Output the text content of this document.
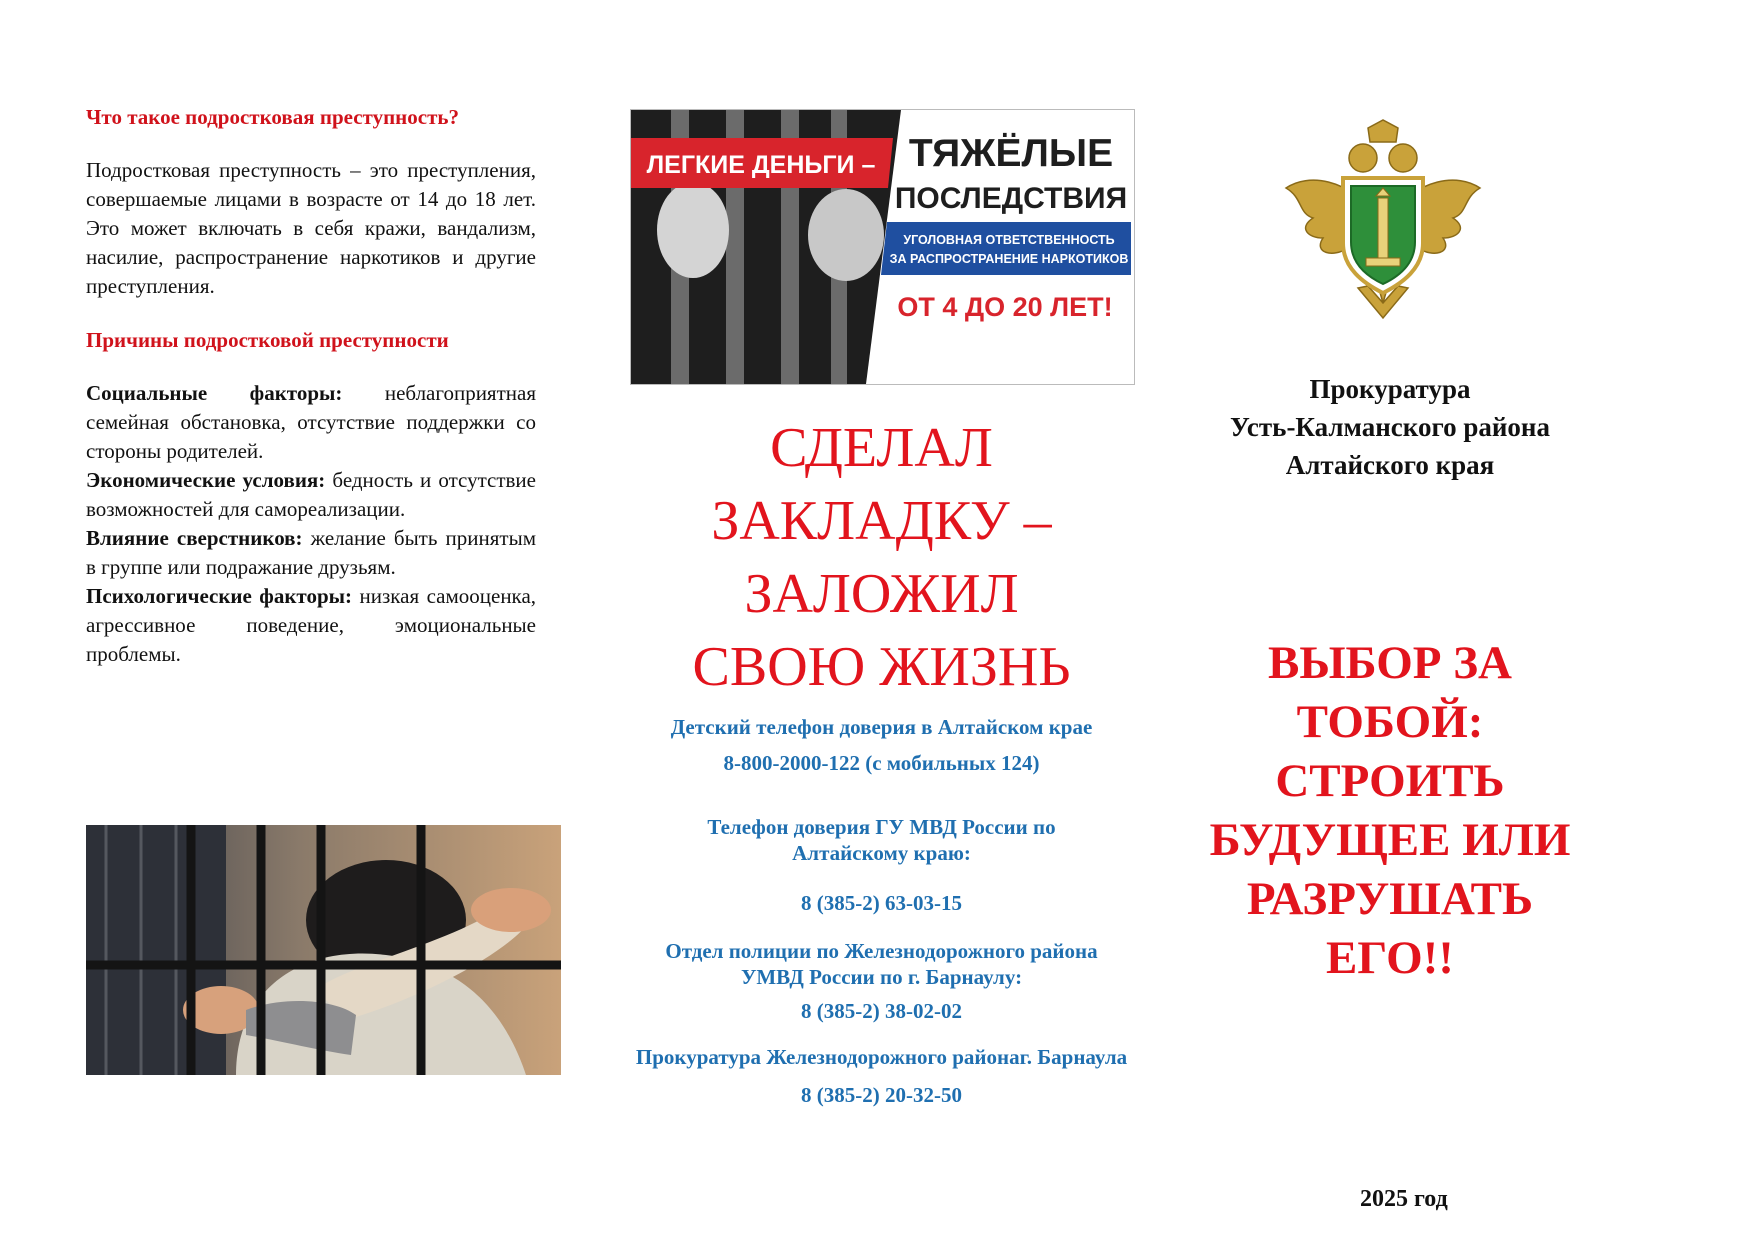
Что такое подростковая преступность?

Подростковая преступность – это преступления, совершаемые лицами в возрасте от 14 до 18 лет. Это может включать в себя кражи, вандализм, насилие, распространение наркотиков и другие преступления.

Причины подростковой преступности

Социальные факторы: неблагоприятная семейная обстановка, отсутствие поддержки со стороны родителей.

Экономические условия: бедность и отсутствие возможностей для самореализации.

Влияние сверстников: желание быть принятым в группе или подражание друзьям.

Психологические факторы: низкая самооценка, агрессивное поведение, эмоциональные проблемы.

ЛЕГКИЕ ДЕНЬГИ – ТЯЖЁЛЫЕ
ПОСЛЕДСТВИЯ
УГОЛОВНАЯ ОТВЕТСТВЕННОСТЬ
ЗА РАСПРОСТРАНЕНИЕ НАРКОТИКОВ
ОТ 4 ДО 20 ЛЕТ!
СДЕЛАЛ
ЗАКЛАДКУ –
ЗАЛОЖИЛ
СВОЮ ЖИЗНЬ
Детский телефон доверия в Алтайском крае
8-800-2000-122 (с мобильных 124)
Телефон доверия ГУ МВД России по Алтайскому краю:
8 (385-2) 63-03-15
Отдел полиции по Железнодорожного района УМВД России по г. Барнаулу:
8 (385-2) 38-02-02
Прокуратура Железнодорожного районаг. Барнаула
8 (385-2) 20-32-50
Прокуратура
Усть-Калманского района
Алтайского края
ВЫБОР ЗА
ТОБОЙ:
СТРОИТЬ
БУДУЩЕЕ ИЛИ
РАЗРУШАТЬ
ЕГО!!
2025 год
